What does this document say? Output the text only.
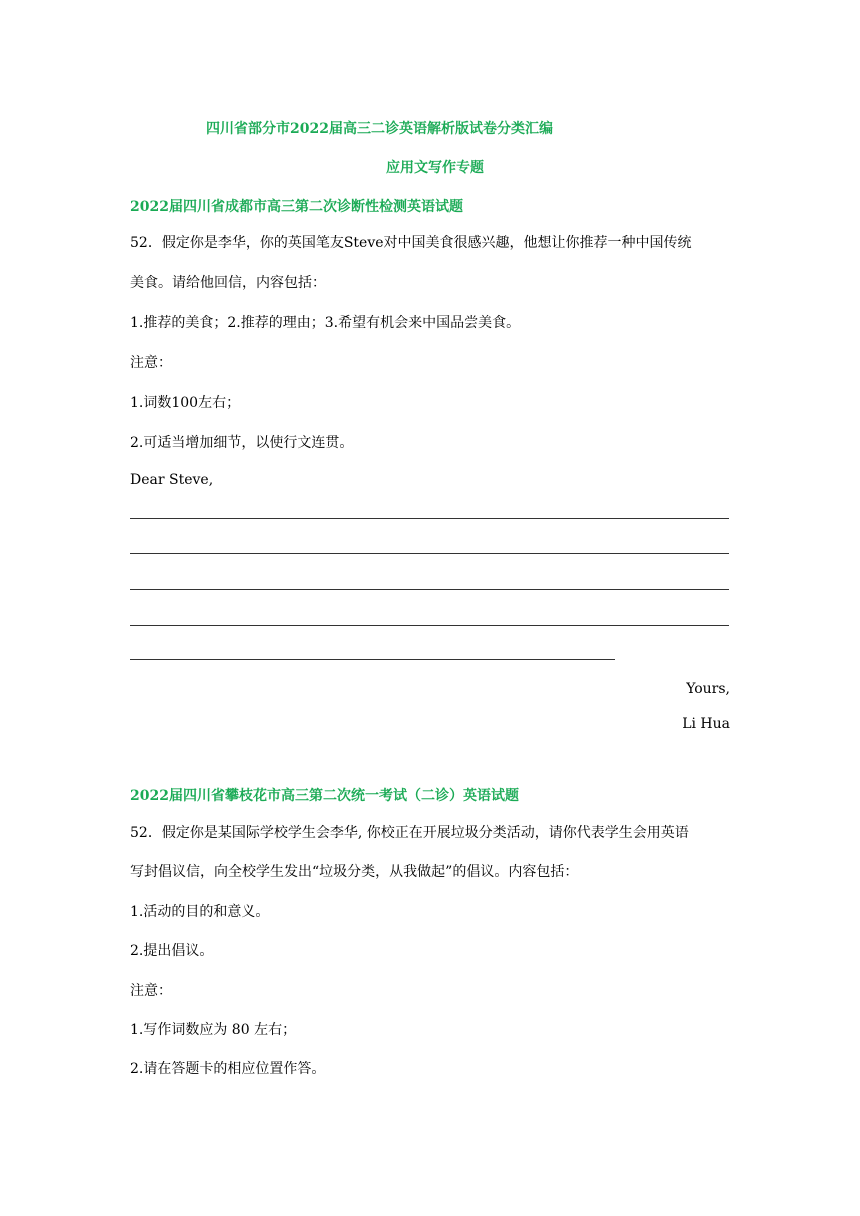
四川省部分市2022届高三二诊英语解析版试卷分类汇编

应用文写作专题

2022届四川省成都市高三第二次诊断性检测英语试题

52．假定你是李华，你的英国笔友Steve对中国美食很感兴趣，他想让你推荐一种中国传统

美食。请给他回信，内容包括：

1.推荐的美食；2.推荐的理由；3.希望有机会来中国品尝美食。

注意：

1.词数100左右；

2.可适当增加细节，以使行文连贯。

Dear Steve,

Yours,

Li Hua

2022届四川省攀枝花市高三第二次统一考试（二诊）英语试题

52．假定你是某国际学校学生会李华, 你校正在开展垃圾分类活动，请你代表学生会用英语

写封倡议信，向全校学生发出“垃圾分类，从我做起”的倡议。内容包括：

1.活动的目的和意义。

2.提出倡议。

注意：

1.写作词数应为 80 左右；

2.请在答题卡的相应位置作答。
